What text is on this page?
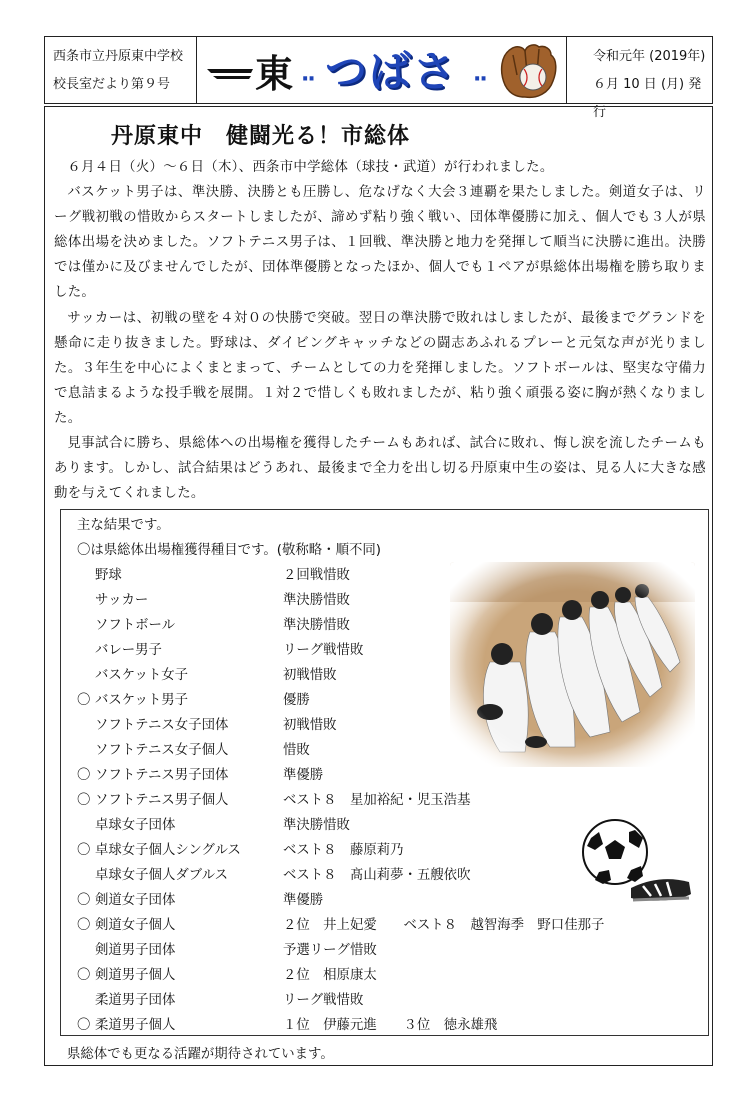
西条市立丹原東中学校
校長室だより第９号	東 ·· つばさ ··
令和元年 (2019年)
６月 10 日 (月) 発行
丹原東中　健闘光る！市総体

６月４日（火）～６日（木）、西条市中学総体（球技・武道）が行われました。

バスケット男子は、準決勝、決勝とも圧勝し、危なげなく大会３連覇を果たしました。剣道女子は、リーグ戦初戦の惜敗からスタートしましたが、諦めず粘り強く戦い、団体準優勝に加え、個人でも３人が県総体出場を決めました。ソフトテニス男子は、１回戦、準決勝と地力を発揮して順当に決勝に進出。決勝では僅かに及びませんでしたが、団体準優勝となったほか、個人でも１ペアが県総体出場権を勝ち取りました。

サッカーは、初戦の壁を４対０の快勝で突破。翌日の準決勝で敗れはしましたが、最後までグランドを懸命に走り抜きました。野球は、ダイビングキャッチなどの闘志あふれるプレーと元気な声が光りました。３年生を中心によくまとまって、チームとしての力を発揮しました。ソフトボールは、堅実な守備力で息詰まるような投手戦を展開。１対２で惜しくも敗れましたが、粘り強く頑張る姿に胸が熱くなりました。

見事試合に勝ち、県総体への出場権を獲得したチームもあれば、試合に敗れ、悔し涙を流したチームもあります。しかし、試合結果はどうあれ、最後まで全力を出し切る丹原東中生の姿は、見る人に大きな感動を与えてくれました。

主な結果です。
〇は県総体出場権獲得種目です。(敬称略・順不同)
野球	２回戦惜敗
サッカー	準決勝惜敗
ソフトボール	準決勝惜敗
バレー男子	リーグ戦惜敗
バスケット女子	初戦惜敗
〇 バスケット男子	優勝
ソフトテニス女子団体	初戦惜敗
ソフトテニス女子個人	惜敗
〇 ソフトテニス男子団体	準優勝
〇 ソフトテニス男子個人	ベスト８　星加裕紀・児玉浩基
卓球女子団体	準決勝惜敗
〇 卓球女子個人シングルス	ベスト８　藤原莉乃
卓球女子個人ダブルス	ベスト８　髙山莉夢・五艘依吹
〇 剣道女子団体	準優勝
〇 剣道女子個人	２位　井上妃愛　　ベスト８　越智海季　野口佳那子
剣道男子団体	予選リーグ惜敗
〇 剣道男子個人	２位　相原康太
柔道男子団体	リーグ戦惜敗
〇 柔道男子個人	１位　伊藤元進　　３位　徳永雄飛
県総体でも更なる活躍が期待されています。
